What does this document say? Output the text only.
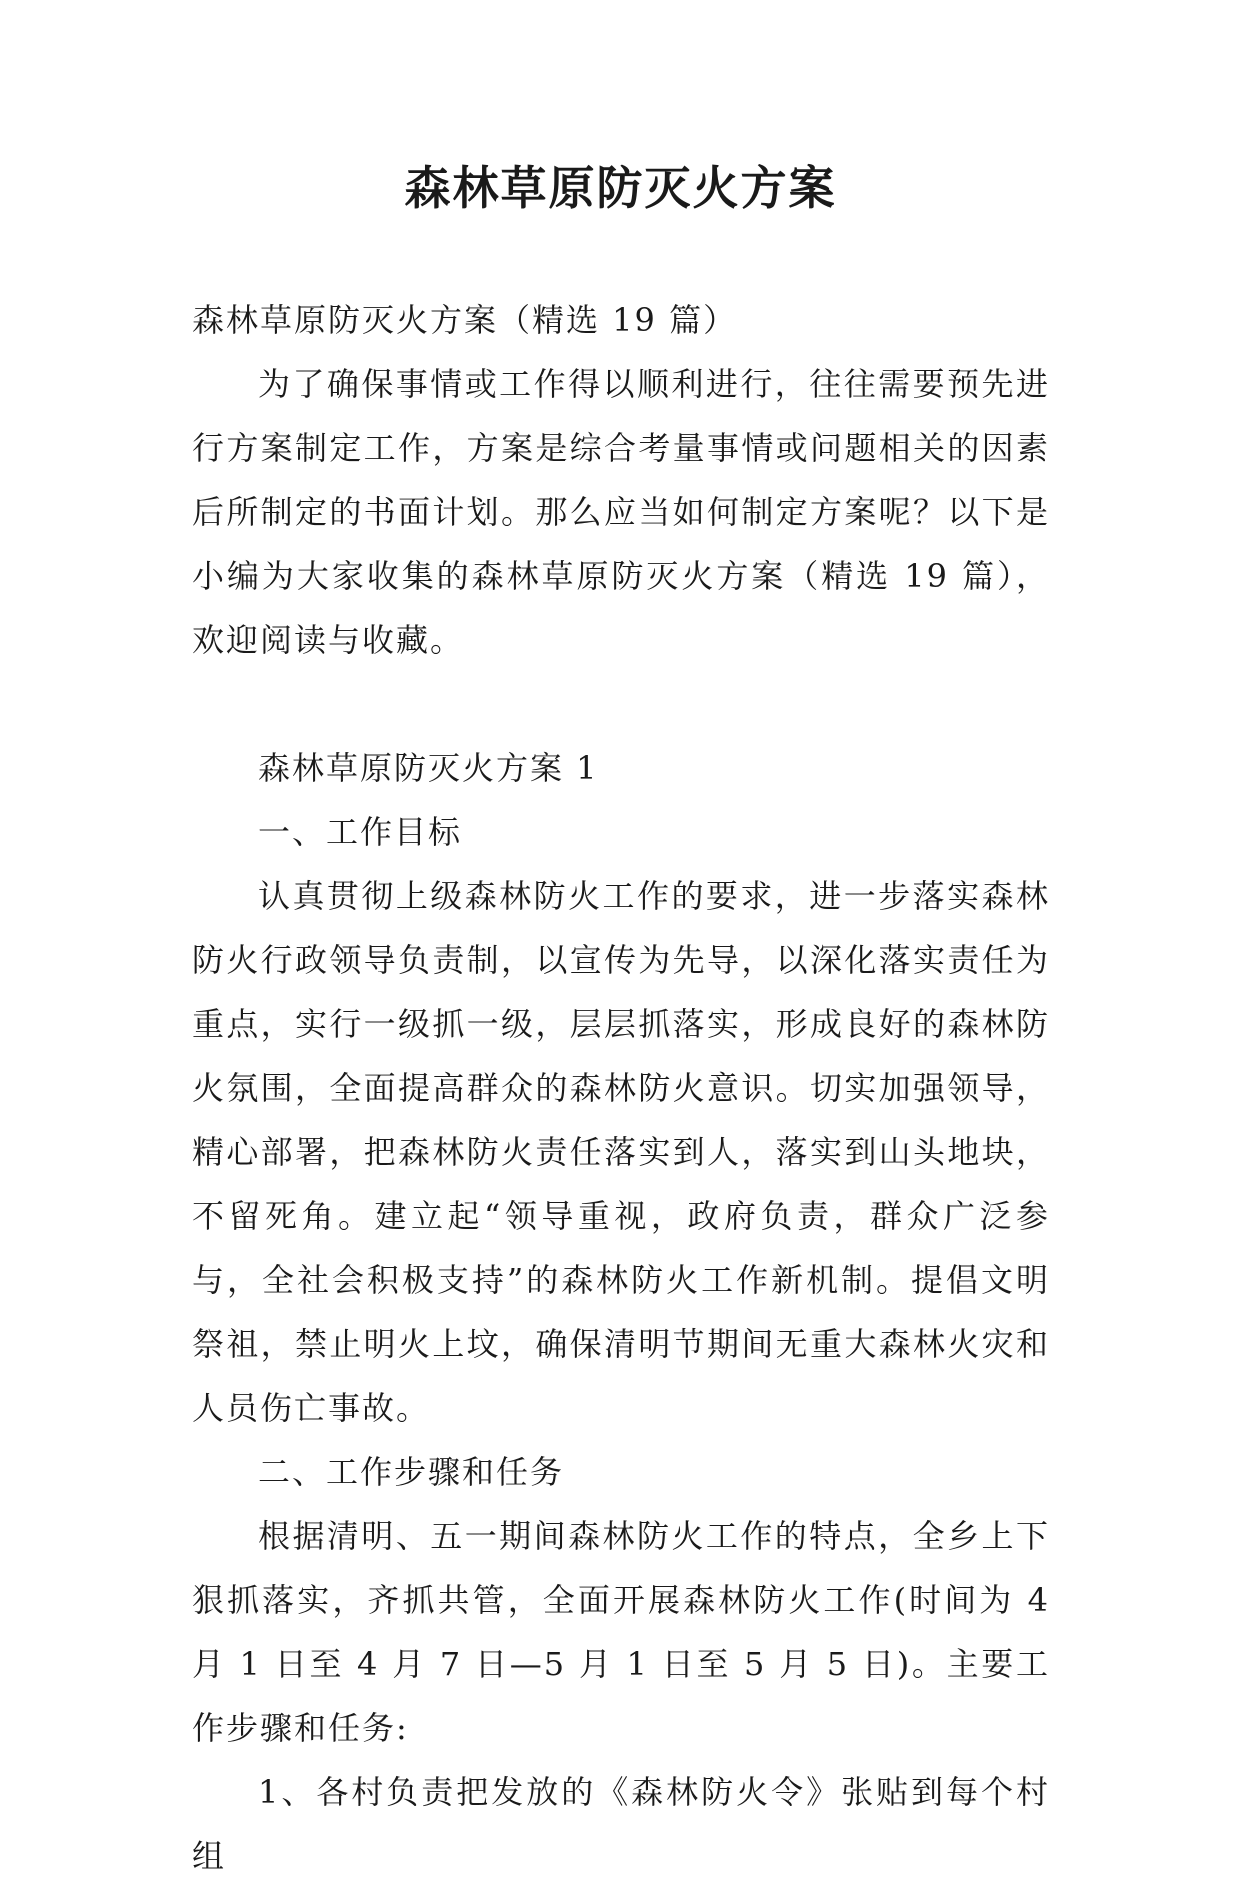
森林草原防灭火方案

森林草原防灭火方案（精选 19 篇）

为了确保事情或工作得以顺利进行，往往需要预先进行方案制定工作，方案是综合考量事情或问题相关的因素后所制定的书面计划。那么应当如何制定方案呢？以下是小编为大家收集的森林草原防灭火方案（精选 19 篇），欢迎阅读与收藏。

森林草原防灭火方案 1

一、工作目标

认真贯彻上级森林防火工作的要求，进一步落实森林防火行政领导负责制，以宣传为先导，以深化落实责任为重点，实行一级抓一级，层层抓落实，形成良好的森林防火氛围，全面提高群众的森林防火意识。切实加强领导，精心部署，把森林防火责任落实到人，落实到山头地块，不留死角。建立起“领导重视，政府负责，群众广泛参与，全社会积极支持”的森林防火工作新机制。提倡文明祭祖，禁止明火上坟，确保清明节期间无重大森林火灾和人员伤亡事故。

二、工作步骤和任务

根据清明、五一期间森林防火工作的特点，全乡上下狠抓落实，齐抓共管，全面开展森林防火工作(时间为 4 月 1 日至 4 月 7 日—5 月 1 日至 5 月 5 日)。主要工作步骤和任务:

1、各村负责把发放的《森林防火令》张贴到每个村组
